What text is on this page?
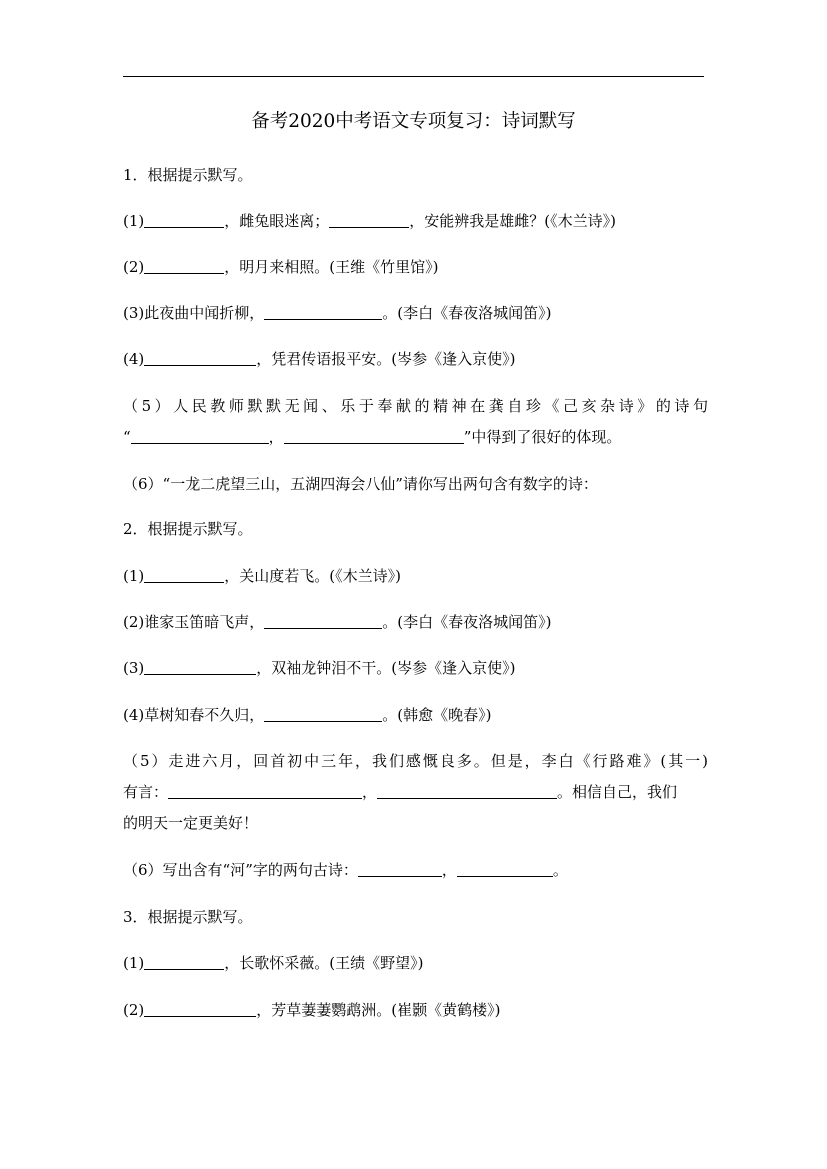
备考2020中考语文专项复习：诗词默写
1．根据提示默写。
(1)	，雌兔眼迷离；	，安能辨我是雄雌？(《木兰诗》)
(2)	，明月来相照。(王维《竹里馆》)
(3)此夜曲中闻折柳，	。(李白《春夜洛城闻笛》)
(4)	，凭君传语报平安。(岑参《逢入京使》)
（5）人民教师默默无闻、乐于奉献的精神在龚自珍《己亥杂诗》的诗句
“	，	”中得到了很好的体现。
（6）“一龙二虎望三山，五湖四海会八仙”请你写出两句含有数字的诗：
2．根据提示默写。
(1)	，关山度若飞。(《木兰诗》)
(2)谁家玉笛暗飞声，	。(李白《春夜洛城闻笛》)
(3)	，双袖龙钟泪不干。(岑参《逢入京使》)
(4)草树知春不久归，	。(韩愈《晚春》)
（5）走进六月，回首初中三年，我们感慨良多。但是，李白《行路难》(其一)
有言：	，	。相信自己，我们
的明天一定更美好！
（6）写出含有“河”字的两句古诗：	，	。
3．根据提示默写。
(1)	，长歌怀采薇。(王绩《野望》)
(2)	，芳草萋萋鹦鹉洲。(崔颢《黄鹤楼》)
